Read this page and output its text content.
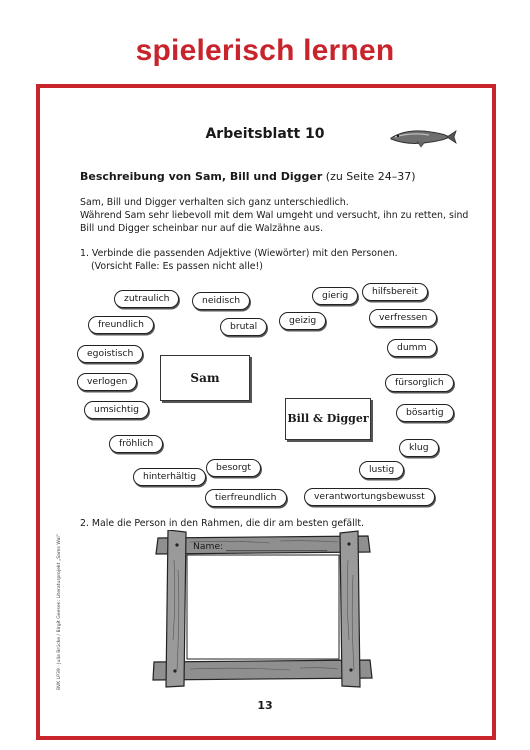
spielerisch lernen
Arbeitsblatt 10
Beschreibung von Sam, Bill und Digger (zu Seite 24–37)
Sam, Bill und Digger verhalten sich ganz unterschiedlich.
Während Sam sehr liebevoll mit dem Wal umgeht und versucht, ihn zu retten, sind
Bill und Digger scheinbar nur auf die Walzähne aus.
1. Verbinde die passenden Adjektive (Wiewörter) mit den Personen.
(Vorsicht Falle: Es passen nicht alle!)
zutraulich	neidisch	gierig	hilfsbereit
freundlich	brutal
geizig	verfressen
egoistisch
dumm
verlogen	fürsorglich
umsichtig	bösartig
fröhlich	klug
hinterhältig
besorgt	lustig
tierfreundlich	verantwortungsbewusst
Sam
Bill & Digger
2. Male die Person in den Rahmen, die dir am besten gefällt.
Name: ______________________
BVK LP39 · Julia Brücke / Birgit Geesen: Literaturprojekt „Sams Wal“
13
